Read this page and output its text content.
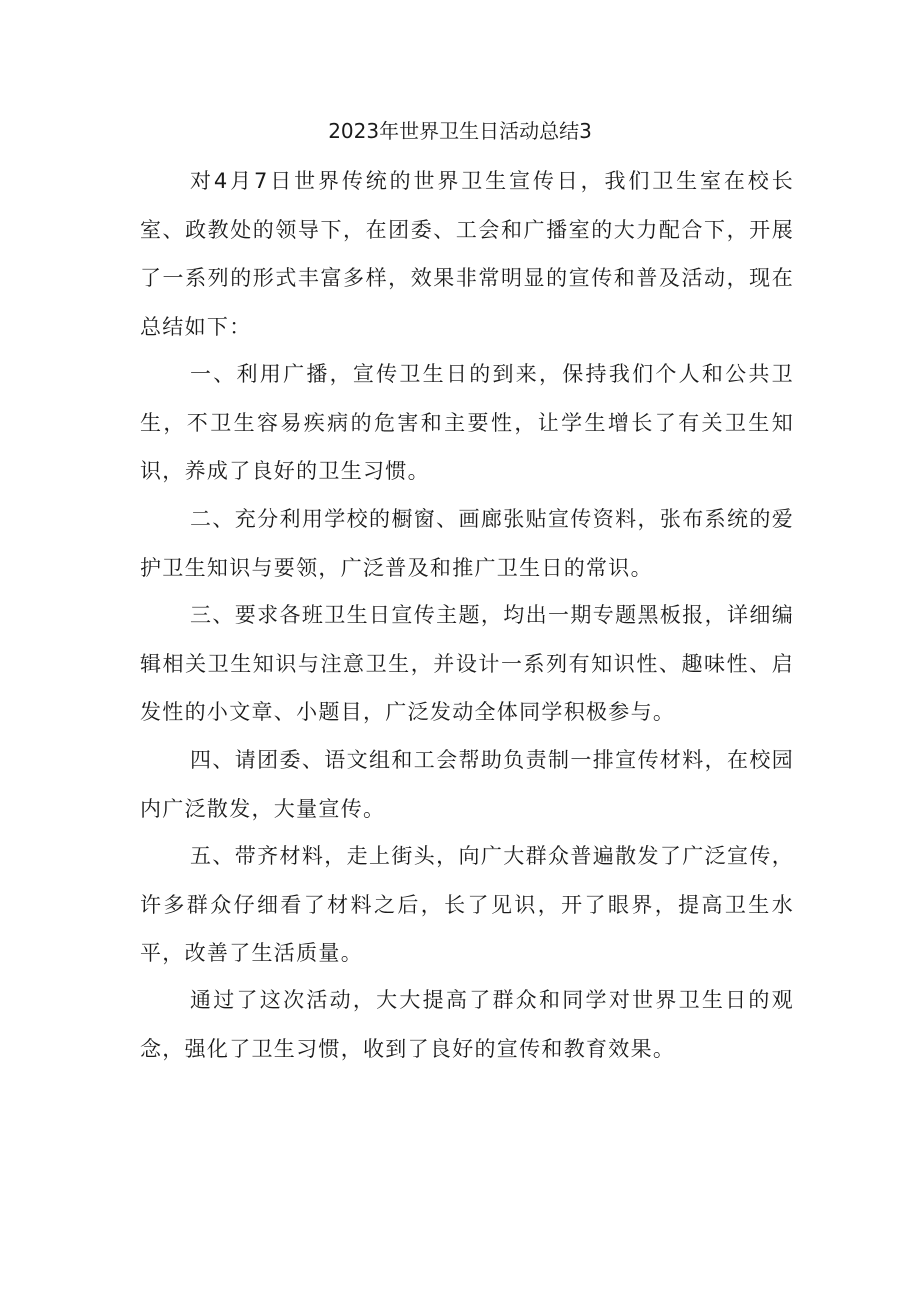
2023年世界卫生日活动总结3

对4月7日世界传统的世界卫生宣传日，我们卫生室在校长室、政教处的领导下，在团委、工会和广播室的大力配合下，开展了一系列的形式丰富多样，效果非常明显的宣传和普及活动，现在总结如下：

一、利用广播，宣传卫生日的到来，保持我们个人和公共卫生，不卫生容易疾病的危害和主要性，让学生增长了有关卫生知识，养成了良好的卫生习惯。

二、充分利用学校的橱窗、画廊张贴宣传资料，张布系统的爱护卫生知识与要领，广泛普及和推广卫生日的常识。

三、要求各班卫生日宣传主题，均出一期专题黑板报，详细编辑相关卫生知识与注意卫生，并设计一系列有知识性、趣味性、启发性的小文章、小题目，广泛发动全体同学积极参与。

四、请团委、语文组和工会帮助负责制一排宣传材料，在校园内广泛散发，大量宣传。

五、带齐材料，走上街头，向广大群众普遍散发了广泛宣传，许多群众仔细看了材料之后，长了见识，开了眼界，提高卫生水平，改善了生活质量。

通过了这次活动，大大提高了群众和同学对世界卫生日的观念，强化了卫生习惯，收到了良好的宣传和教育效果。
